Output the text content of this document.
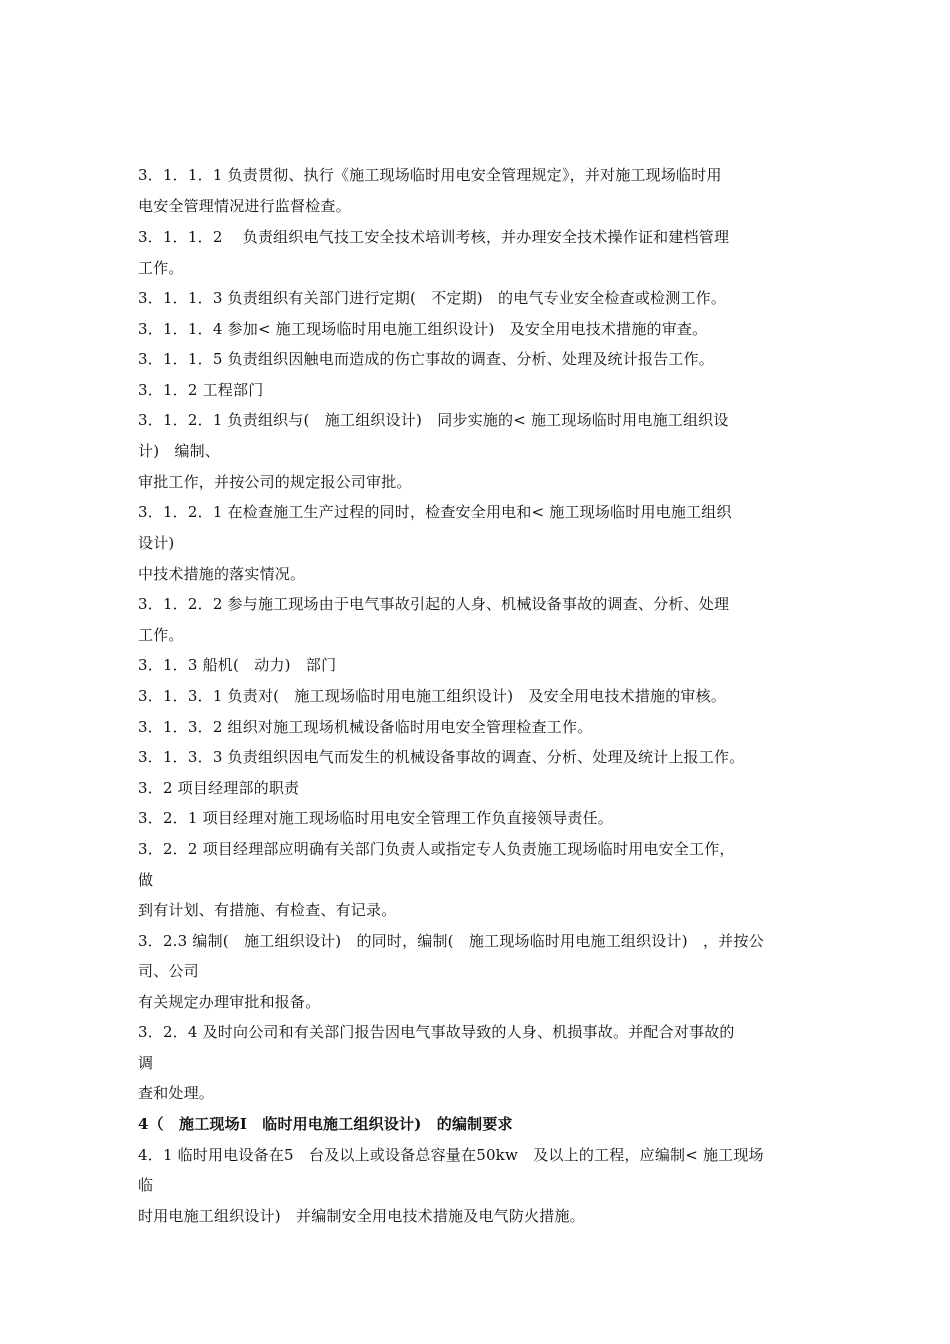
3．1．1．1 负责贯彻、执行《施工现场临时用电安全管理规定》，并对施工现场临时用
电安全管理情况进行监督检查。
3．1．1．2　 负责组织电气技工安全技术培训考核，并办理安全技术操作证和建档管理
工作。
3．1．1．3 负责组织有关部门进行定期(　不定期)　的电气专业安全检查或检测工作。
3．1．1．4 参加< 施工现场临时用电施工组织设计)　及安全用电技术措施的审查。
3．1．1．5 负责组织因触电而造成的伤亡事故的调查、分析、处理及统计报告工作。
3．1．2 工程部门
3．1．2．1 负责组织与(　施工组织设计)　同步实施的< 施工现场临时用电施工组织设
计)　编制、
审批工作，并按公司的规定报公司审批。
3．1．2．1 在检查施工生产过程的同时，检查安全用电和< 施工现场临时用电施工组织
设计)
中技术措施的落实情况。
3．1．2．2 参与施工现场由于电气事故引起的人身、机械设备事故的调查、分析、处理
工作。
3．1．3 船机(　动力)　部门
3．1．3．1 负责对(　施工现场临时用电施工组织设计)　及安全用电技术措施的审核。
3．1．3．2 组织对施工现场机械设备临时用电安全管理检查工作。
3．1．3．3 负责组织因电气而发生的机械设备事故的调查、分析、处理及统计上报工作。
3．2 项目经理部的职责
3．2．1 项目经理对施工现场临时用电安全管理工作负直接领导责任。
3．2．2 项目经理部应明确有关部门负责人或指定专人负责施工现场临时用电安全工作，
做
到有计划、有措施、有检查、有记录。
3．2.3 编制(　施工组织设计)　的同时，编制(　施工现场临时用电施工组织设计)　，并按公
司、公司
有关规定办理审批和报备。
3．2．4 及时向公司和有关部门报告因电气事故导致的人身、机损事故。并配合对事故的
调
查和处理。
4（　施工现场I　临时用电施工组织设计)　的编制要求
4．1 临时用电设备在5　台及以上或设备总容量在50kw　及以上的工程，应编制< 施工现场
临
时用电施工组织设计)　并编制安全用电技术措施及电气防火措施。
